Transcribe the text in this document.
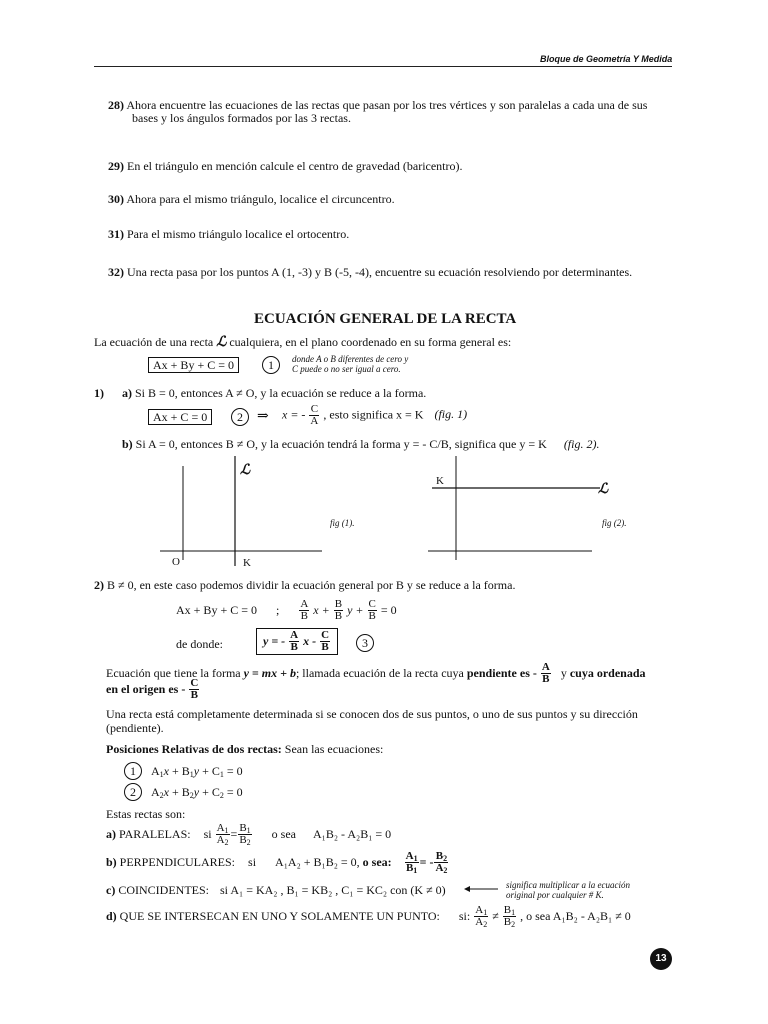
Bloque de Geometría Y Medida
28) Ahora encuentre las ecuaciones de las rectas que pasan por los tres vértices y son paralelas a cada una de sus
bases y los ángulos formados por las 3 rectas.
29) En el triángulo en mención calcule el centro de gravedad (baricentro).
30) Ahora para el mismo triángulo, localice el circuncentro.
31) Para el mismo triángulo localice el ortocentro.
32) Una recta pasa por los puntos A (1, -3) y B (-5, -4), encuentre su ecuación resolviendo por determinantes.
ECUACIÓN GENERAL DE LA RECTA
La ecuación de una recta ℒ cualquiera, en el plano coordenado en su forma general es:
Ax + By + C = 0	1	donde A o B diferentes de cero y
C puede o no ser igual a cero.
1) a) Si B = 0, entonces A ≠ O, y la ecuación se reduce a la forma.
Ax + C = 0	2	⇒ x = - $\frac{C}{A}$ , esto significa x = K (fig. 1)
b) Si A = 0, entonces B ≠ O, y la ecuación tendrá la forma y = - C/B, significa que y = K (fig. 2).
ℒ
O	K
fig (1).
K
ℒ
fig (2).
2) B ≠ 0, en este caso podemos dividir la ecuación general por B y se reduce a la forma.
Ax + By + C = 0 ; $\frac{A}{B}$ $x + \frac{B}{B}$ $y + \frac{C}{B} = 0$
de donde:	y = - $\frac{A}{B}$ x - $\frac{C}{B}$	3
Ecuación que tiene la forma y = mx + b; llamada ecuación de la recta cuya pendiente es - $\frac{A}{B}$ y cuya ordenada
en el origen es - $\frac{C}{B}$
Una recta está completamente determinada si se conocen dos de sus puntos, o uno de sus puntos y su dirección (pendiente).
Posiciones Relativas de dos rectas: Sean las ecuaciones:
1 $A_1x + B_1y + C_1 = 0$
2 $A_2x + B_2y + C_2 = 0$
Estas rectas son:
a) PARALELAS: si $\frac{A_1}{A_2} = \frac{B_1}{B_2}$ o sea A₁B₂ - A₂B₁ = 0
b) PERPENDICULARES: si A₁A₂ + B₁B₂ = 0, o sea: $\frac{A_1}{B_1}$ = - $\frac{B_2}{A_2}$
c) COINCIDENTES: si A₁ = KA₂ , B₁ = KB₂ , C₁ = KC₂ con (K ≠ 0)	significa multiplicar a la ecuación
original por cualquier # K.
d) QUE SE INTERSECAN EN UNO Y SOLAMENTE UN PUNTO: si: $\frac{A_1}{A_2} \ne \frac{B_1}{B_2}$ , o sea A₁B₂ - A₂B₁ ≠ 0
13
